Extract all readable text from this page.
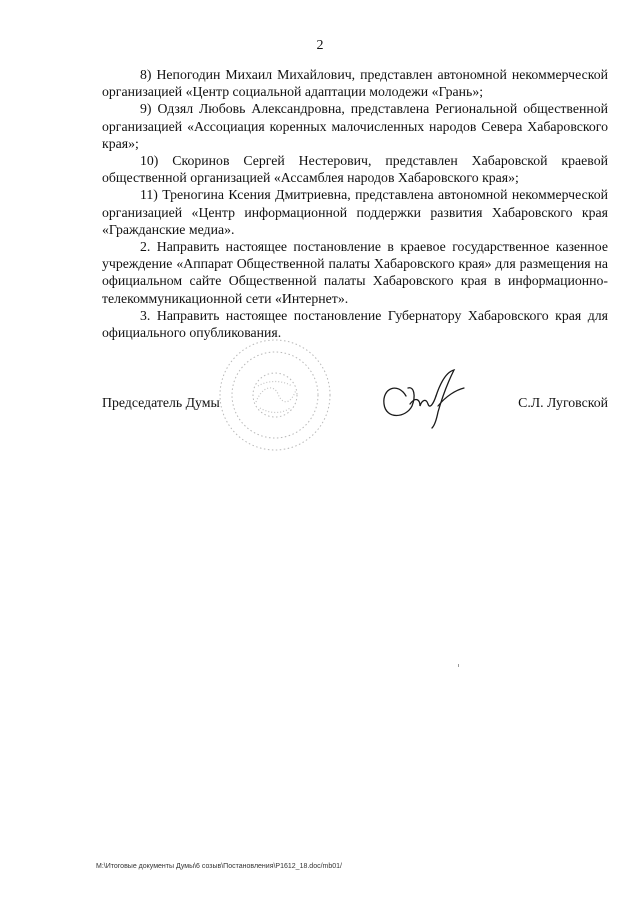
2

8) Непогодин Михаил Михайлович, представлен автономной некоммерческой организацией «Центр социальной адаптации молодежи «Грань»;

9) Одзял Любовь Александровна, представлена Региональной общественной организацией «Ассоциация коренных малочисленных народов Севера Хабаровского края»;

10) Скоринов Сергей Нестерович, представлен Хабаровской краевой общественной организацией «Ассамблея народов Хабаровского края»;

11) Треногина Ксения Дмитриевна, представлена автономной некоммерческой организацией «Центр информационной поддержки развития Хабаровского края «Гражданские медиа».

2. Направить настоящее постановление в краевое государственное казенное учреждение «Аппарат Общественной палаты Хабаровского края» для размещения на официальном сайте Общественной палаты Хабаровского края в информационно-телекоммуникационной сети «Интернет».

3. Направить настоящее постановление Губернатору Хабаровского края для официального опубликования.

Председатель Думы	С.Л. Луговской
M:\Итоговые документы Думы\6 созыв\Постановления\P1612_18.doc/mb01/
